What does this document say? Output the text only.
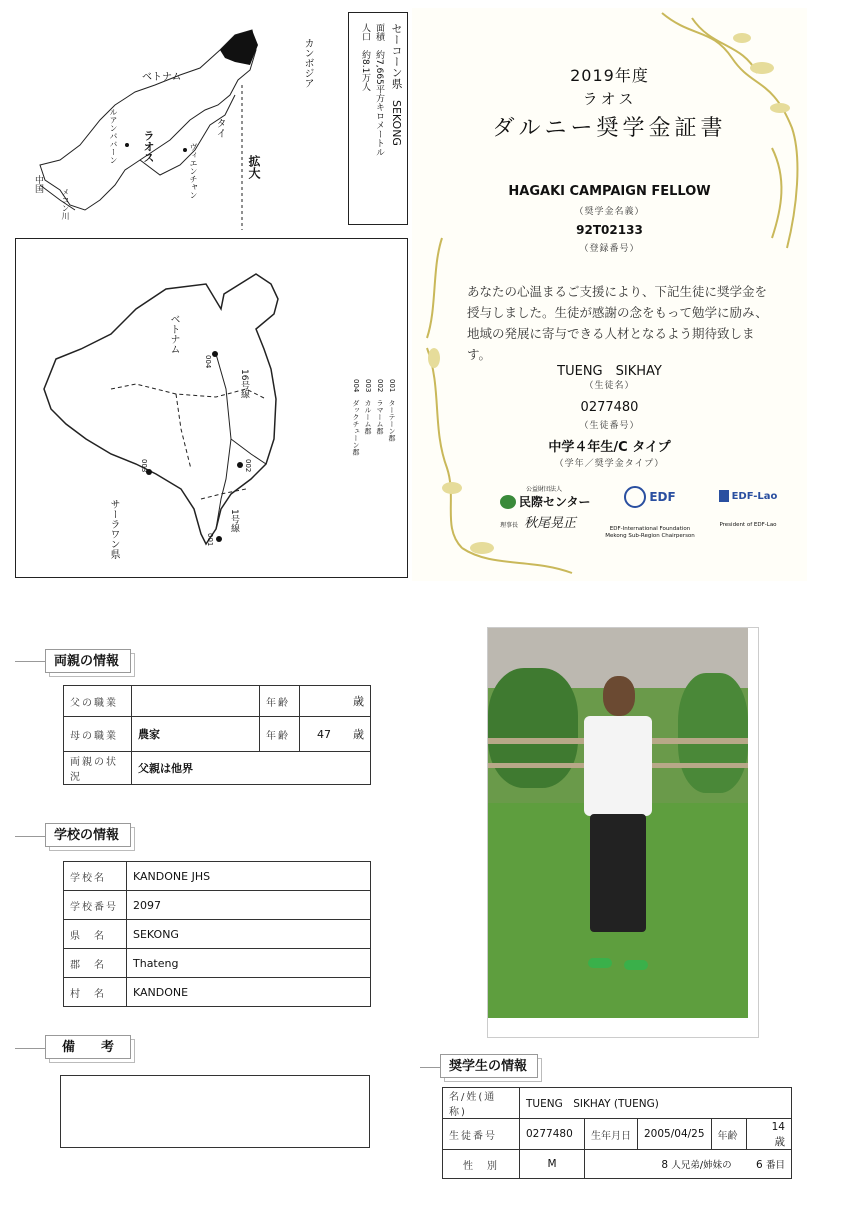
ベトナム	カンボジア
ラオス
タイ
中国
メコン川
ルアンパバーン
ヴィエンチャン	拡大
セーコーン県　SEKONG
面積　約7,665平方キロメートル
人口　約8.1万人
ベトナム
サーラワン県
16号線
1号線
004
002
003
001
001　ターテーン郡
002　ラマーム郡
003　カルーム郡
004　ダックチューン郡
2019年度
ラオス
ダルニー奨学金証書
HAGAKI CAMPAIGN FELLOW
（奨学金名義）
92T02133
（登録番号）
あなたの心温まるご支援により、下記生徒に奨学金を授与しました。生徒が感謝の念をもって勉学に励み、地域の発展に寄与できる人材となるよう期待致します。
TUENG　SIKHAY
（生徒名）
0277480
（生徒番号）
中学４年生/C タイプ
（学年／奨学金タイプ）
公益財団法人
民際センター
理事長 秋尾晃正
EDF
EDF-International Foundation Mekong Sub-Region Chairperson
EDF-Lao
President of EDF-Lao
両親の情報
父の職業		年齢	　　歳
母の職業	農家	年齢	47　　 歳
両親の状況	父親は他界		
学校の情報
学校名	KANDONE JHS
学校番号	2097
県　名	SEKONG
郡　名	Thateng
村　名	KANDONE
備　　考
奨学生の情報
名/姓(通称)	TUENG　SIKHAY (TUENG)				
生徒番号	0277480	生年月日	2005/04/25	年齢	14　歳
性　別	M	8 人兄弟/姉妹の 　　 6 番目			
